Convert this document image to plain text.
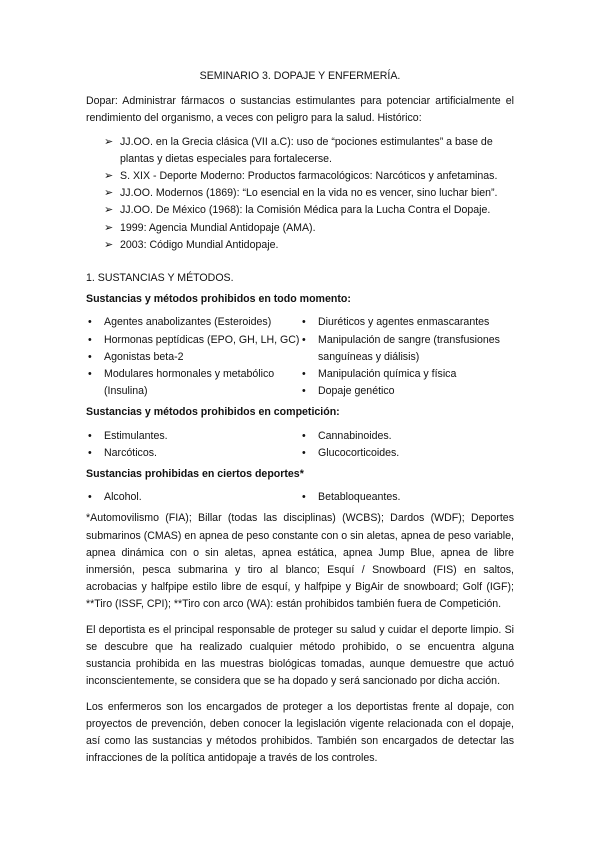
SEMINARIO 3. DOPAJE Y ENFERMERÍA.

Dopar: Administrar fármacos o sustancias estimulantes para potenciar artificialmente el rendimiento del organismo, a veces con peligro para la salud. Histórico:

➢ JJ.OO. en la Grecia clásica (VII a.C): uso de “pociones estimulantes” a base de plantas y dietas especiales para fortalecerse.
➢ S. XIX - Deporte Moderno: Productos farmacológicos: Narcóticos y anfetaminas.
➢ JJ.OO. Modernos (1869): “Lo esencial en la vida no es vencer, sino luchar bien”.
➢ JJ.OO. De México (1968): la Comisión Médica para la Lucha Contra el Dopaje.
➢ 1999: Agencia Mundial Antidopaje (AMA).
➢ 2003: Código Mundial Antidopaje.

1. SUSTANCIAS Y MÉTODOS.

Sustancias y métodos prohibidos en todo momento:

• Agentes anabolizantes (Esteroides)
• Hormonas peptídicas (EPO, GH, LH, GC)
• Agonistas beta-2
• Modulares hormonales y metabólico (Insulina)
• Diuréticos y agentes enmascarantes
• Manipulación de sangre (transfusiones sanguíneas y diálisis)
• Manipulación química y física
• Dopaje genético

Sustancias y métodos prohibidos en competición:

• Estimulantes.
• Narcóticos.
• Cannabinoides.
• Glucocorticoides.

Sustancias prohibidas en ciertos deportes*

• Alcohol.	• Betabloqueantes.

*Automovilismo (FIA); Billar (todas las disciplinas) (WCBS); Dardos (WDF); Deportes submarinos (CMAS) en apnea de peso constante con o sin aletas, apnea de peso variable, apnea dinámica con o sin aletas, apnea estática, apnea Jump Blue, apnea de libre inmersión, pesca submarina y tiro al blanco; Esquí / Snowboard (FIS) en saltos, acrobacias y halfpipe estilo libre de esquí, y halfpipe y BigAir de snowboard; Golf (IGF); **Tiro (ISSF, CPI); **Tiro con arco (WA): están prohibidos también fuera de Competición.

El deportista es el principal responsable de proteger su salud y cuidar el deporte limpio. Si se descubre que ha realizado cualquier método prohibido, o se encuentra alguna sustancia prohibida en las muestras biológicas tomadas, aunque demuestre que actuó inconscientemente, se considera que se ha dopado y será sancionado por dicha acción.

Los enfermeros son los encargados de proteger a los deportistas frente al dopaje, con proyectos de prevención, deben conocer la legislación vigente relacionada con el dopaje, así como las sustancias y métodos prohibidos. También son encargados de detectar las infracciones de la política antidopaje a través de los controles.
